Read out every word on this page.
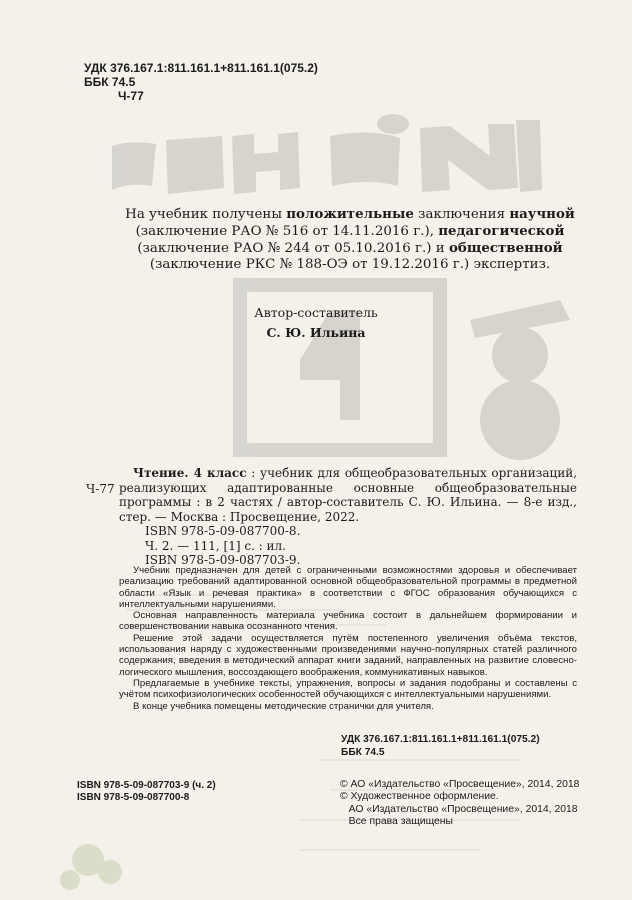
УДК 376.167.1:811.161.1+811.161.1(075.2)
ББК 74.5
Ч-77
На учебник получены положительные заключения научной
(заключение РАО № 516 от 14.11.2016 г.), педагогической
(заключение РАО № 244 от 05.10.2016 г.) и общественной
(заключение РКС № 188-ОЭ от 19.12.2016 г.) экспертиз.
Автор-составитель
С. Ю. Ильина
Ч-77
Чтение. 4 класс : учебник для общеобразовательных организаций, реализующих адаптированные основные общеобразовательные программы : в 2 частях / автор-составитель С. Ю. Ильина. — 8-е изд., стер. — Москва : Просвещение, 2022.
ISBN 978-5-09-087700-8.
Ч. 2. — 111, [1] с. : ил.
ISBN 978-5-09-087703-9.

Учебник предназначен для детей с ограниченными возможностями здоровья и обеспечивает реализацию требований адаптированной основной общеобразовательной программы в предметной области «Язык и речевая практика» в соответствии с ФГОС образования обучающихся с интеллектуальными нарушениями.

Основная направленность материала учебника состоит в дальнейшем формировании и совершенствовании навыка осознанного чтения.

Решение этой задачи осуществляется путём постепенного увеличения объёма текстов, использования наряду с художественными произведениями научно-популярных статей различного содержания, введения в методический аппарат книги заданий, направленных на развитие словесно-логического мышления, воссоздающего воображения, коммуникативных навыков.

Предлагаемые в учебнике тексты, упражнения, вопросы и задания подобраны и составлены с учётом психофизиологических особенностей обучающихся с интеллектуальными нарушениями.

В конце учебника помещены методические странички для учителя.

УДК 376.167.1:811.161.1+811.161.1(075.2)
ББК 74.5
ISBN 978-5-09-087703-9 (ч. 2)
ISBN 978-5-09-087700-8
© АО «Издательство «Просвещение», 2014, 2018
© Художественное оформление.
АО «Издательство «Просвещение», 2014, 2018
Все права защищены
